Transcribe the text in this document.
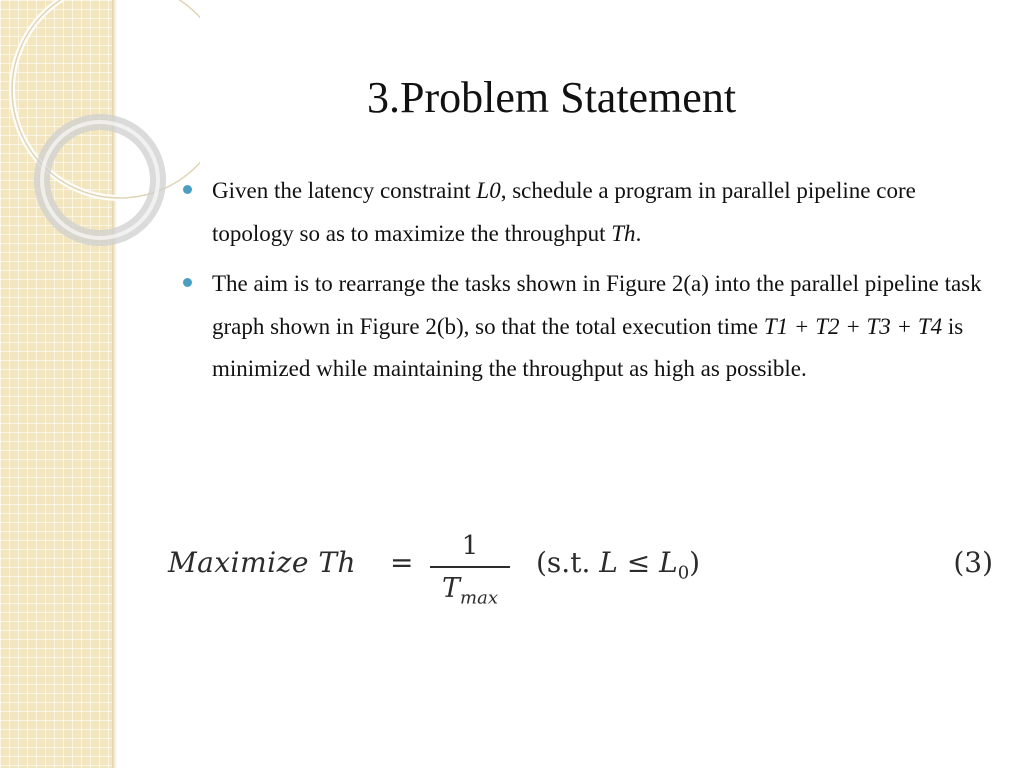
3.Problem Statement
Given the latency constraint L0, schedule a program in parallel pipeline core topology so as to maximize the throughput Th.
The aim is to rearrange the tasks shown in Figure 2(a) into the parallel pipeline task graph shown in Figure 2(b), so that the total execution time T1 + T2 + T3 + T4 is minimized while maintaining the throughput as high as possible.
Maximize Th =	1
$T_{max}$
(s.t. $L \le L_0$)	(3)
